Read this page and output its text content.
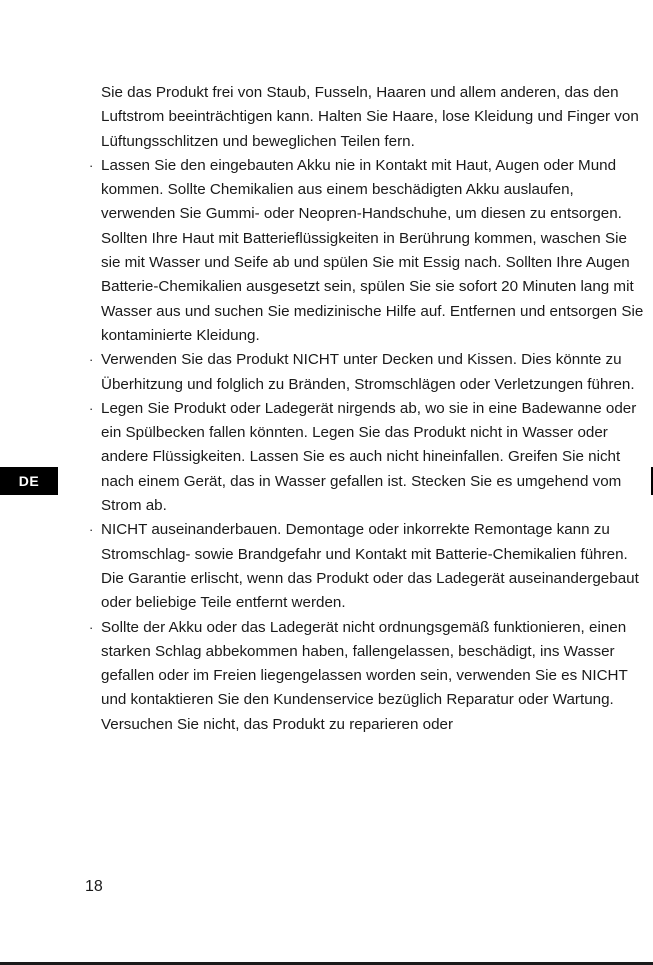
Sie das Produkt frei von Staub, Fusseln, Haaren und allem anderen, das den Luftstrom beeinträchtigen kann. Halten Sie Haare, lose Kleidung und Finger von Lüftungsschlitzen und beweglichen Teilen fern.
· Lassen Sie den eingebauten Akku nie in Kontakt mit Haut, Augen oder Mund kommen. Sollte Chemikalien aus einem beschädigten Akku auslaufen, verwenden Sie Gummi- oder Neopren-Handschuhe, um diesen zu entsorgen. Sollten Ihre Haut mit Batterieflüssigkeiten in Berührung kommen, waschen Sie sie mit Wasser und Seife ab und spülen Sie mit Essig nach. Sollten Ihre Augen Batterie-Chemikalien ausgesetzt sein, spülen Sie sie sofort 20 Minuten lang mit Wasser aus und suchen Sie medizinische Hilfe auf. Entfernen und entsorgen Sie kontaminierte Kleidung.
· Verwenden Sie das Produkt NICHT unter Decken und Kissen. Dies könnte zu Überhitzung und folglich zu Bränden, Stromschlägen oder Verletzungen führen.
· Legen Sie Produkt oder Ladegerät nirgends ab, wo sie in eine Badewanne oder ein Spülbecken fallen könnten. Legen Sie das Produkt nicht in Wasser oder andere Flüssigkeiten. Lassen Sie es auch nicht hineinfallen. Greifen Sie nicht nach einem Gerät, das in Wasser gefallen ist. Stecken Sie es umgehend vom Strom ab.
· NICHT auseinanderbauen. Demontage oder inkorrekte Remontage kann zu Stromschlag- sowie Brandgefahr und Kontakt mit Batterie-Chemikalien führen. Die Garantie erlischt, wenn das Produkt oder das Ladegerät auseinandergebaut oder beliebige Teile entfernt werden.
· Sollte der Akku oder das Ladegerät nicht ordnungsgemäß funktionieren, einen starken Schlag abbekommen haben, fallengelassen, beschädigt, ins Wasser gefallen oder im Freien liegengelassen worden sein, verwenden Sie es NICHT und kontaktieren Sie den Kundenservice bezüglich Reparatur oder Wartung. Versuchen Sie nicht, das Produkt zu reparieren oder
DE
18
